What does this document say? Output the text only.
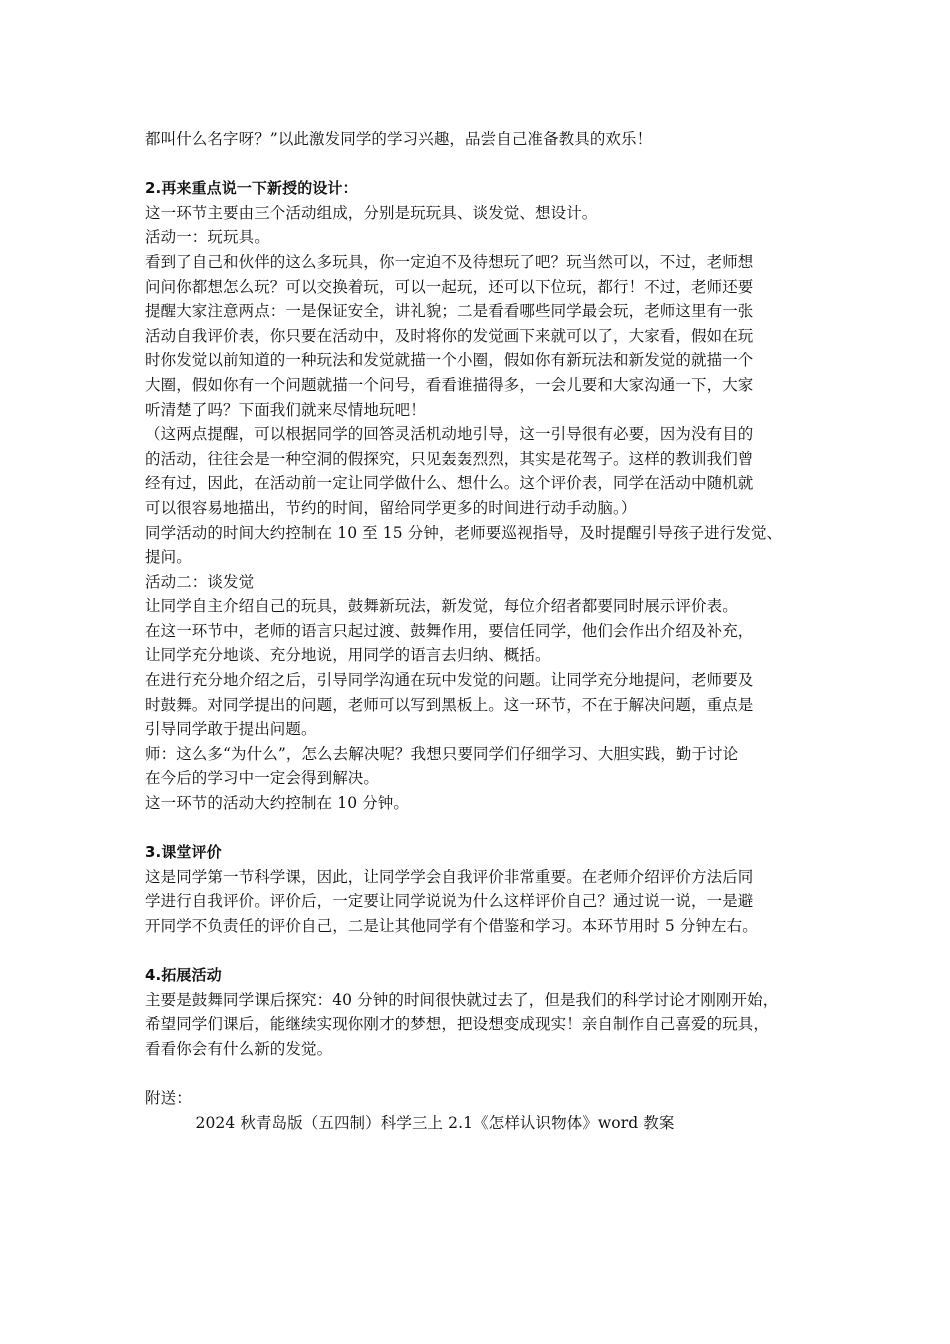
都叫什么名字呀？”以此激发同学的学习兴趣，品尝自己准备教具的欢乐！
2.再来重点说一下新授的设计：
这一环节主要由三个活动组成，分别是玩玩具、谈发觉、想设计。
活动一：玩玩具。
看到了自己和伙伴的这么多玩具，你一定迫不及待想玩了吧？玩当然可以，不过，老师想
问问你都想怎么玩？可以交换着玩，可以一起玩，还可以下位玩，都行！不过，老师还要
提醒大家注意两点：一是保证安全，讲礼貌；二是看看哪些同学最会玩，老师这里有一张
活动自我评价表，你只要在活动中，及时将你的发觉画下来就可以了，大家看，假如在玩
时你发觉以前知道的一种玩法和发觉就描一个小圈，假如你有新玩法和新发觉的就描一个
大圈，假如你有一个问题就描一个问号，看看谁描得多，一会儿要和大家沟通一下，大家
听清楚了吗？下面我们就来尽情地玩吧！
（这两点提醒，可以根据同学的回答灵活机动地引导，这一引导很有必要，因为没有目的
的活动，往往会是一种空洞的假探究，只见轰轰烈烈，其实是花驾子。这样的教训我们曾
经有过，因此，在活动前一定让同学做什么、想什么。这个评价表，同学在活动中随机就
可以很容易地描出，节约的时间，留给同学更多的时间进行动手动脑。）
同学活动的时间大约控制在 10 至 15 分钟，老师要巡视指导，及时提醒引导孩子进行发觉、
提问。
活动二：谈发觉
让同学自主介绍自己的玩具，鼓舞新玩法，新发觉，每位介绍者都要同时展示评价表。
在这一环节中，老师的语言只起过渡、鼓舞作用，要信任同学，他们会作出介绍及补充，
让同学充分地谈、充分地说，用同学的语言去归纳、概括。
在进行充分地介绍之后，引导同学沟通在玩中发觉的问题。让同学充分地提问，老师要及
时鼓舞。对同学提出的问题，老师可以写到黑板上。这一环节，不在于解决问题，重点是
引导同学敢于提出问题。
师：这么多“为什么”，怎么去解决呢？我想只要同学们仔细学习、大胆实践，勤于讨论
在今后的学习中一定会得到解决。
这一环节的活动大约控制在 10 分钟。
3.课堂评价
这是同学第一节科学课，因此，让同学学会自我评价非常重要。在老师介绍评价方法后同
学进行自我评价。评价后，一定要让同学说说为什么这样评价自己？通过说一说，一是避
开同学不负责任的评价自己，二是让其他同学有个借鉴和学习。本环节用时 5 分钟左右。
4.拓展活动
主要是鼓舞同学课后探究：40 分钟的时间很快就过去了，但是我们的科学讨论才刚刚开始，
希望同学们课后，能继续实现你刚才的梦想，把设想变成现实！亲自制作自己喜爱的玩具，
看看你会有什么新的发觉。
附送：
2024 秋青岛版（五四制）科学三上 2.1《怎样认识物体》word 教案
